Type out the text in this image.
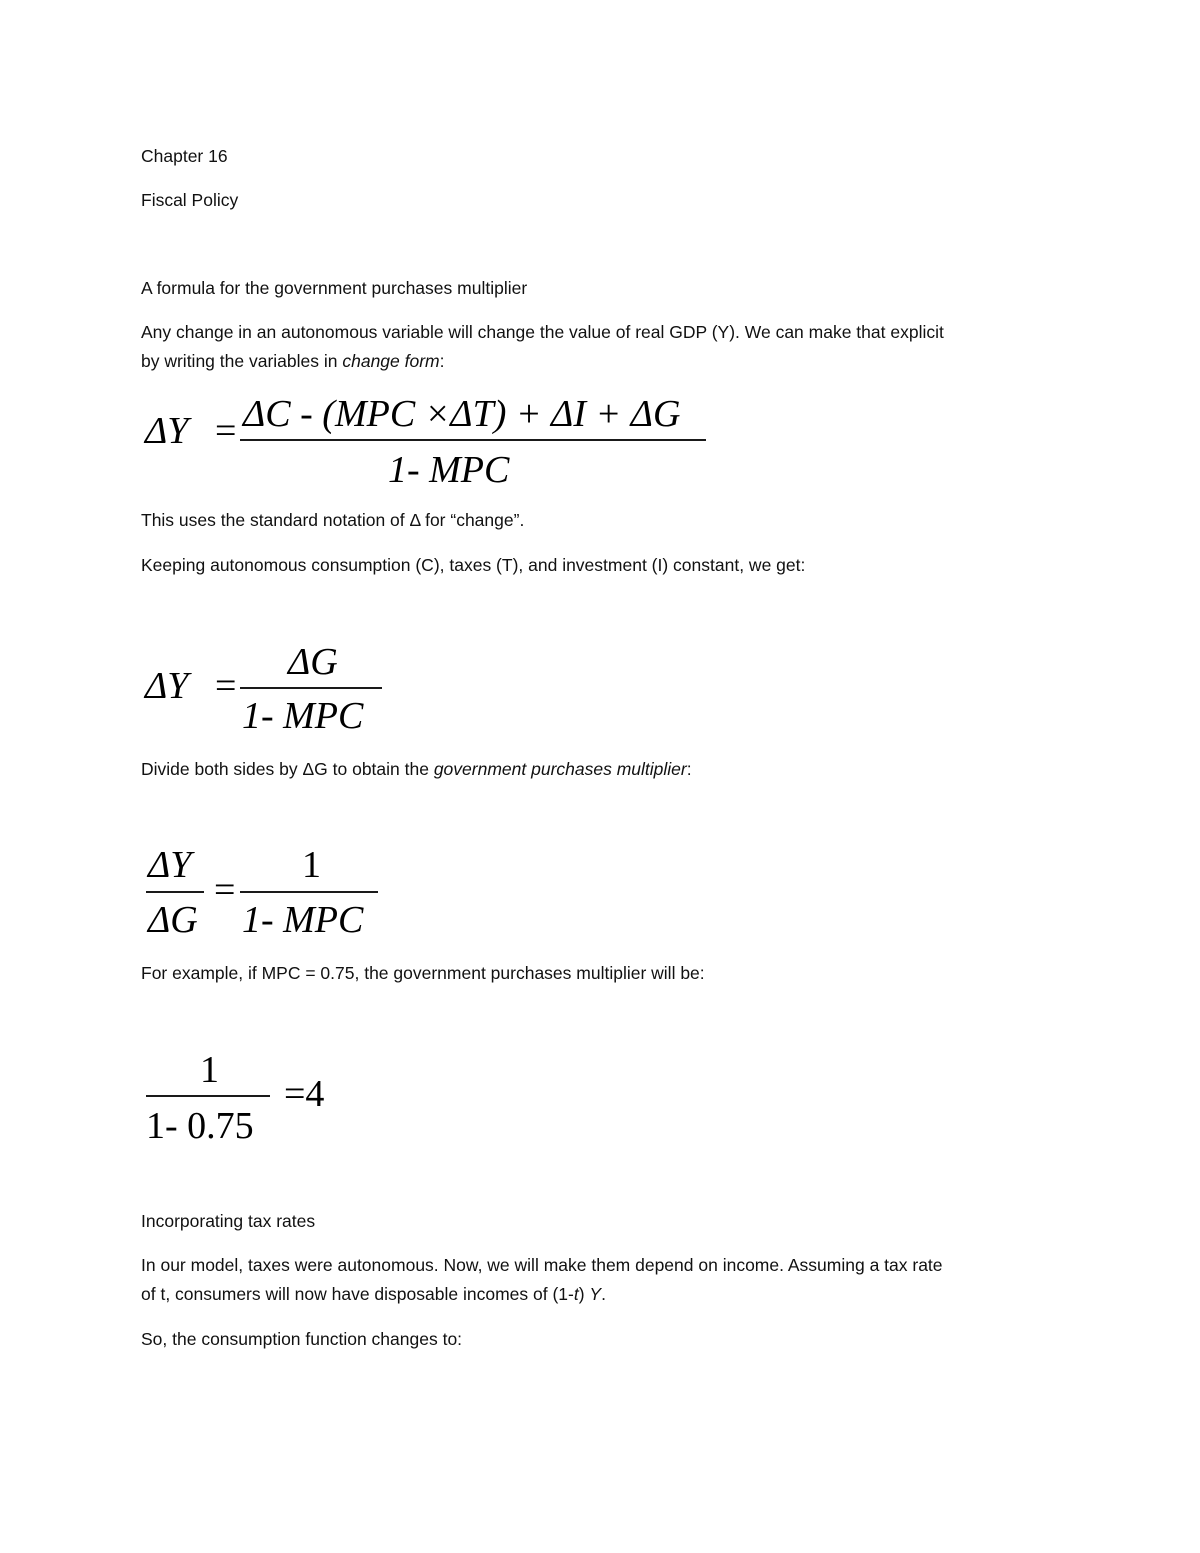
Chapter 16
Fiscal Policy
A formula for the government purchases multiplier
Any change in an autonomous variable will change the value of real GDP (Y). We can make that explicit
by writing the variables in change form:
ΔY = ΔC - (MPC ×ΔT) + ΔI + ΔG
1- MPC
This uses the standard notation of Δ for “change”.
Keeping autonomous consumption (C), taxes (T), and investment (I) constant, we get:
ΔY =
ΔG
1- MPC
Divide both sides by ΔG to obtain the government purchases multiplier:
ΔY
ΔG
=
1
1- MPC
For example, if MPC = 0.75, the government purchases multiplier will be:
1
1- 0.75
=4
Incorporating tax rates
In our model, taxes were autonomous. Now, we will make them depend on income. Assuming a tax rate
of t, consumers will now have disposable incomes of (1-t) Y.
So, the consumption function changes to:
